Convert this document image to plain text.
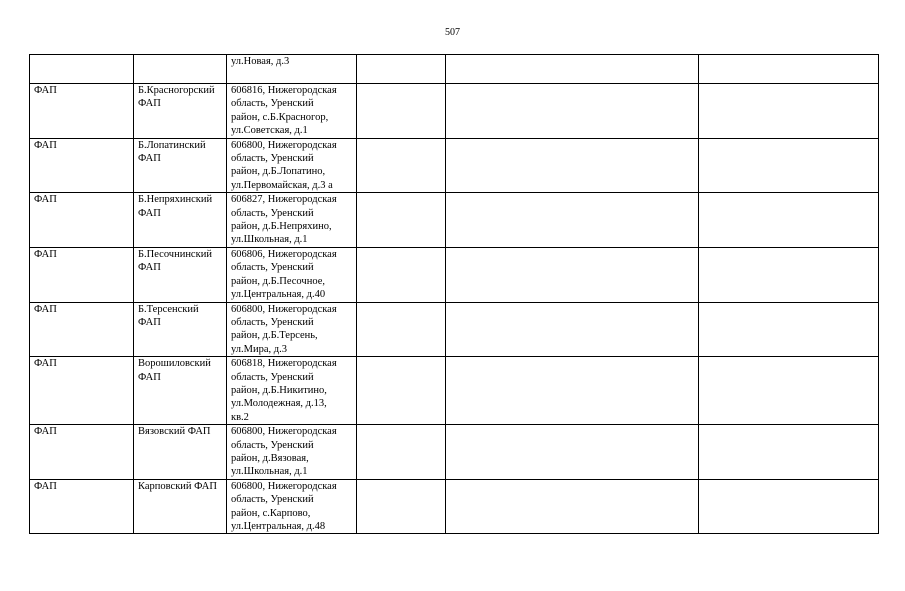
507

		ул.Новая, д.3			

ФАП	Б.Красногорский ФАП	606816, Нижегородская
область, Уренский
район, с.Б.Красногор,
ул.Советская, д.1			

ФАП	Б.Лопатинский ФАП	606800, Нижегородская
область, Уренский
район, д.Б.Лопатино,
ул.Первомайская, д.3 а			

ФАП	Б.Непряхинский ФАП	606827, Нижегородская
область, Уренский
район, д.Б.Непряхино,
ул.Школьная, д.1			

ФАП	Б.Песочнинский ФАП	606806, Нижегородская
область, Уренский
район, д.Б.Песочное,
ул.Центральная, д.40			

ФАП	Б.Терсенский ФАП	606800, Нижегородская
область, Уренский
район, д.Б.Терсень,
ул.Мира, д.3			

ФАП	Ворошиловский ФАП	606818, Нижегородская
область, Уренский
район, д.Б.Никитино,
ул.Молодежная, д.13,
кв.2			

ФАП	Вязовский ФАП	606800, Нижегородская
область, Уренский
район, д.Вязовая,
ул.Школьная, д.1			

ФАП	Карповский ФАП	606800, Нижегородская
область, Уренский
район, с.Карпово,
ул.Центральная, д.48			
